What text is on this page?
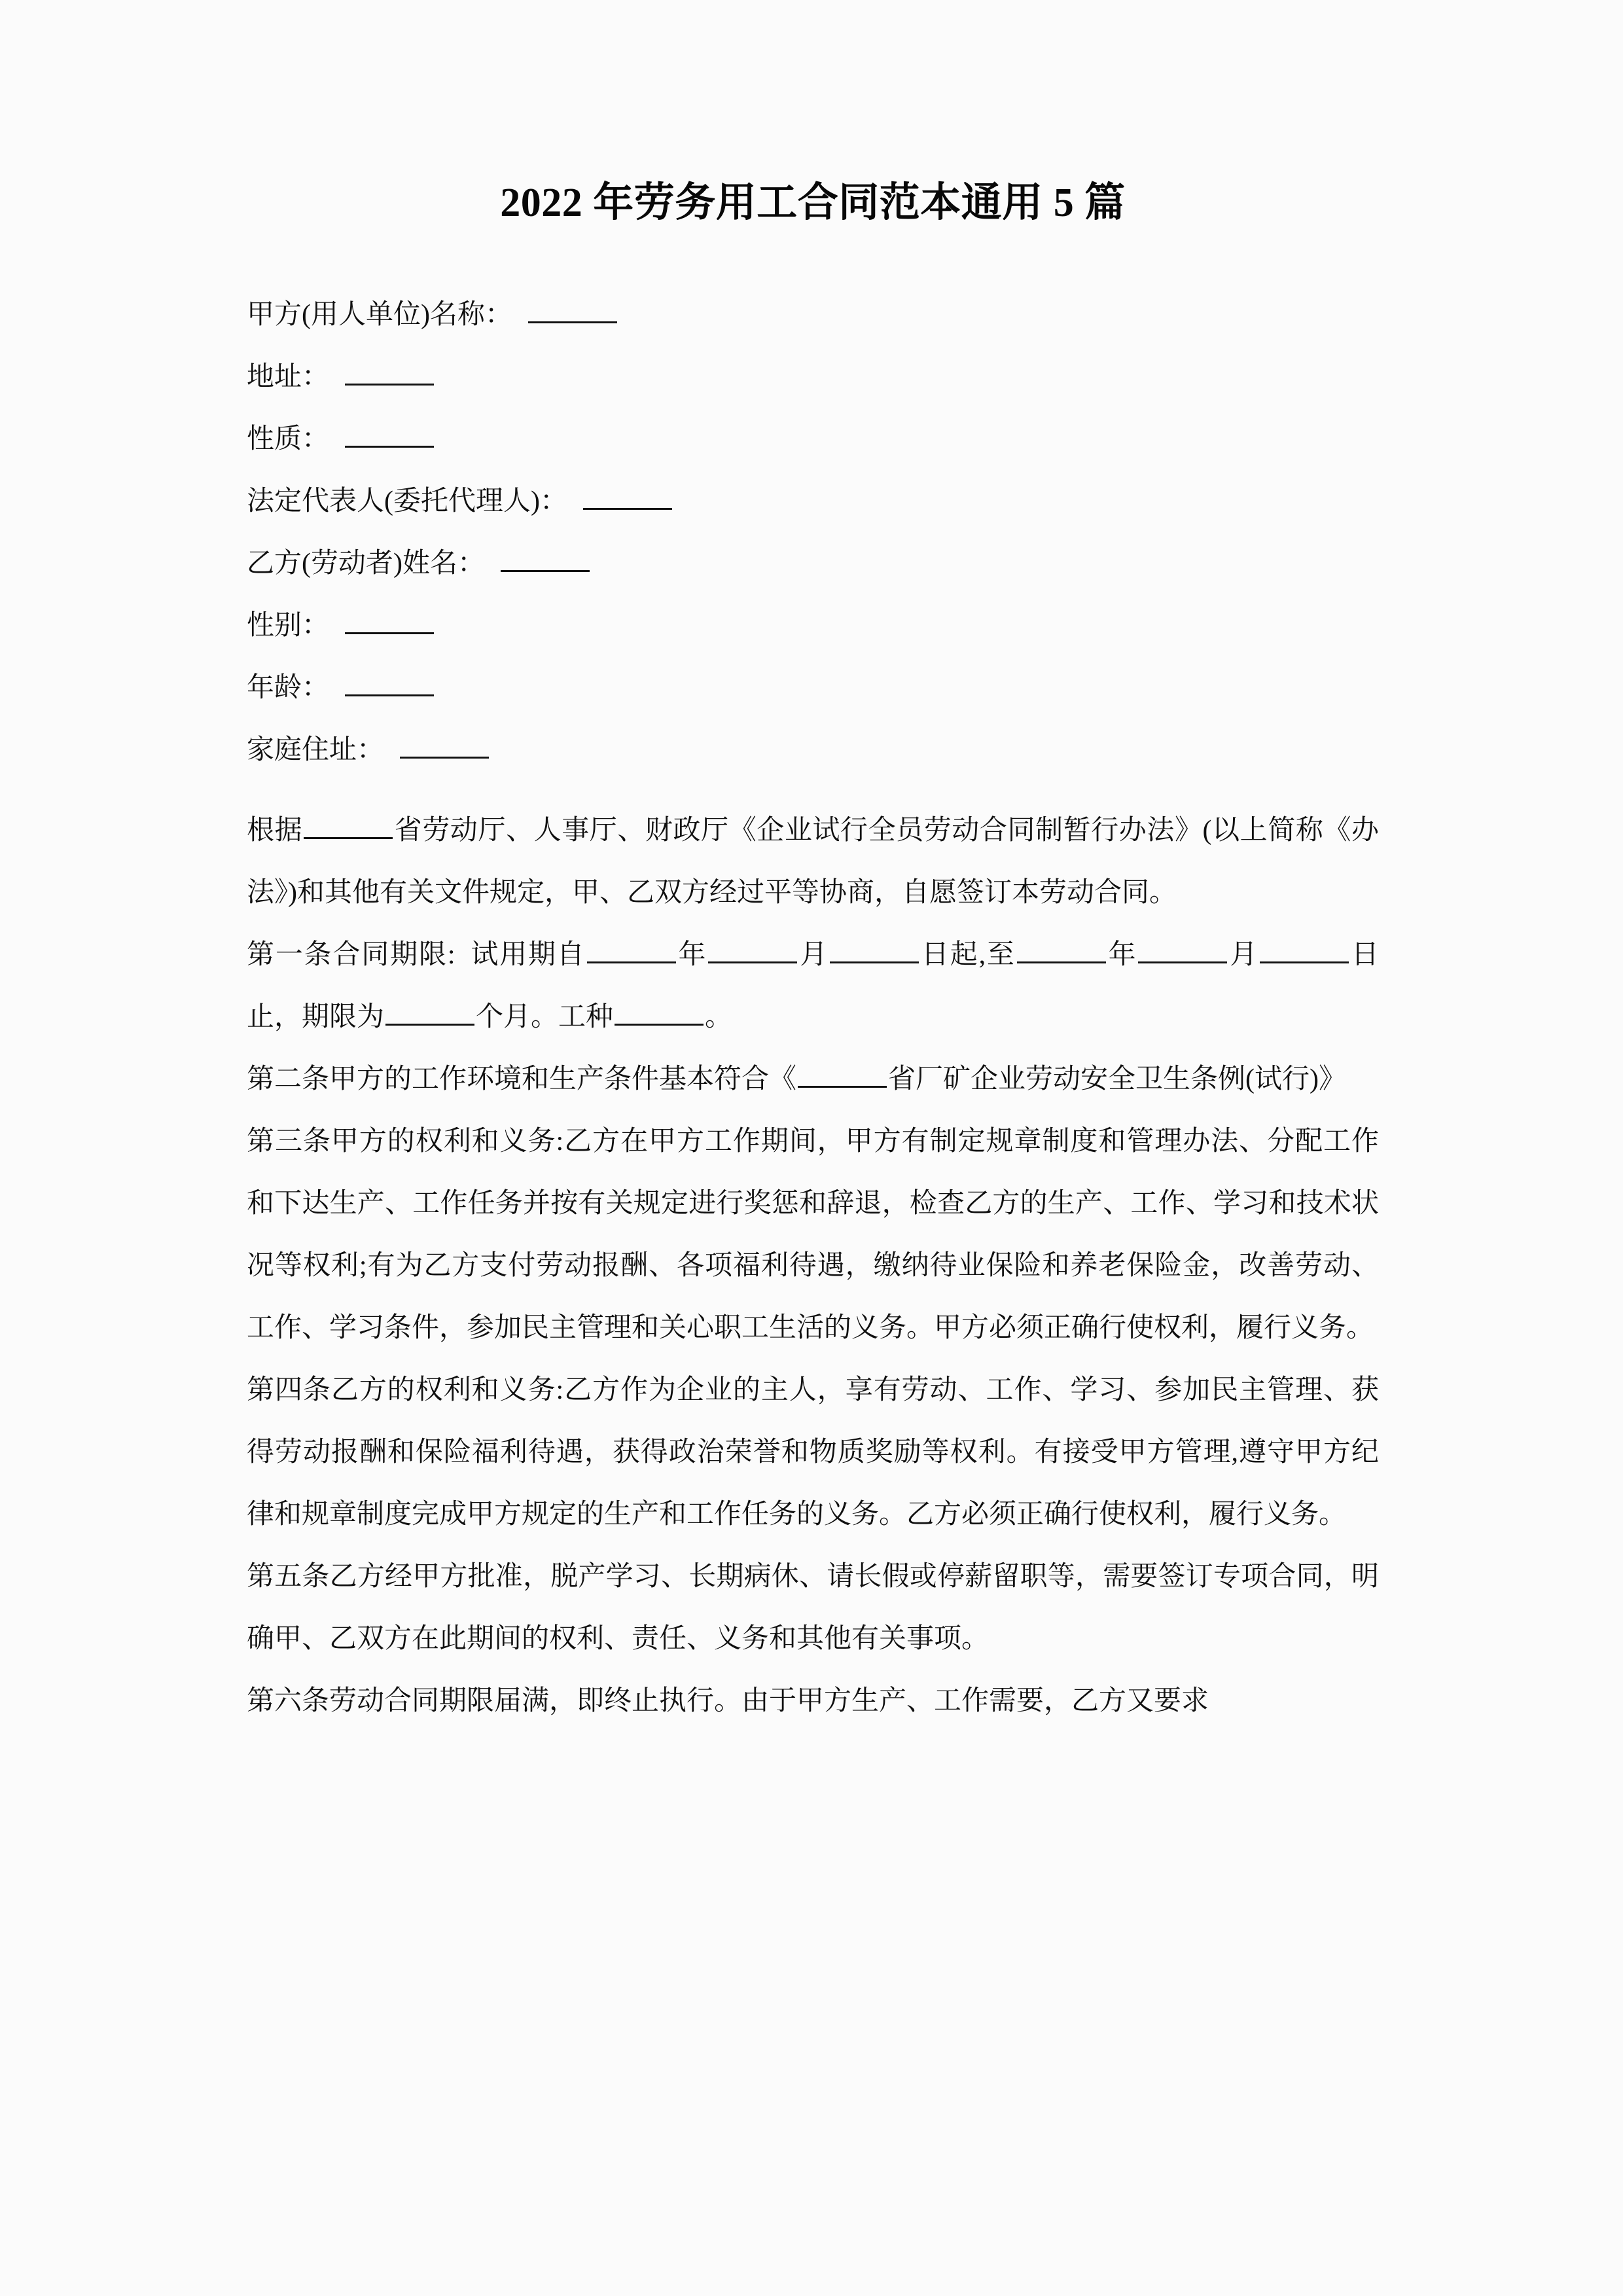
2022 年劳务用工合同范本通用 5 篇
甲方(用人单位)名称：
地址：
性质：
法定代表人(委托代理人)：
乙方(劳动者)姓名：
性别：
年龄：
家庭住址：

根据	省劳动厅、人事厅、财政厅《企业试行全员劳动合同制暂行办法》(以上简称《办法》)和其他有关文件规定，甲、乙双方经过平等协商，自愿签订本劳动合同。

第一条合同期限: 试用期自	年	月	日起,至	年	月	日止，期限为	个月。工种	。

第二条甲方的工作环境和生产条件基本符合《	省厂矿企业劳动安全卫生条例(试行)》

第三条甲方的权利和义务:乙方在甲方工作期间，甲方有制定规章制度和管理办法、分配工作和下达生产、工作任务并按有关规定进行奖惩和辞退，检查乙方的生产、工作、学习和技术状况等权利;有为乙方支付劳动报酬、各项福利待遇，缴纳待业保险和养老保险金，改善劳动、工作、学习条件，参加民主管理和关心职工生活的义务。甲方必须正确行使权利，履行义务。

第四条乙方的权利和义务:乙方作为企业的主人，享有劳动、工作、学习、参加民主管理、获得劳动报酬和保险福利待遇，获得政治荣誉和物质奖励等权利。有接受甲方管理,遵守甲方纪律和规章制度完成甲方规定的生产和工作任务的义务。乙方必须正确行使权利，履行义务。

第五条乙方经甲方批准，脱产学习、长期病休、请长假或停薪留职等，需要签订专项合同，明确甲、乙双方在此期间的权利、责任、义务和其他有关事项。

第六条劳动合同期限届满，即终止执行。由于甲方生产、工作需要，乙方又要求
